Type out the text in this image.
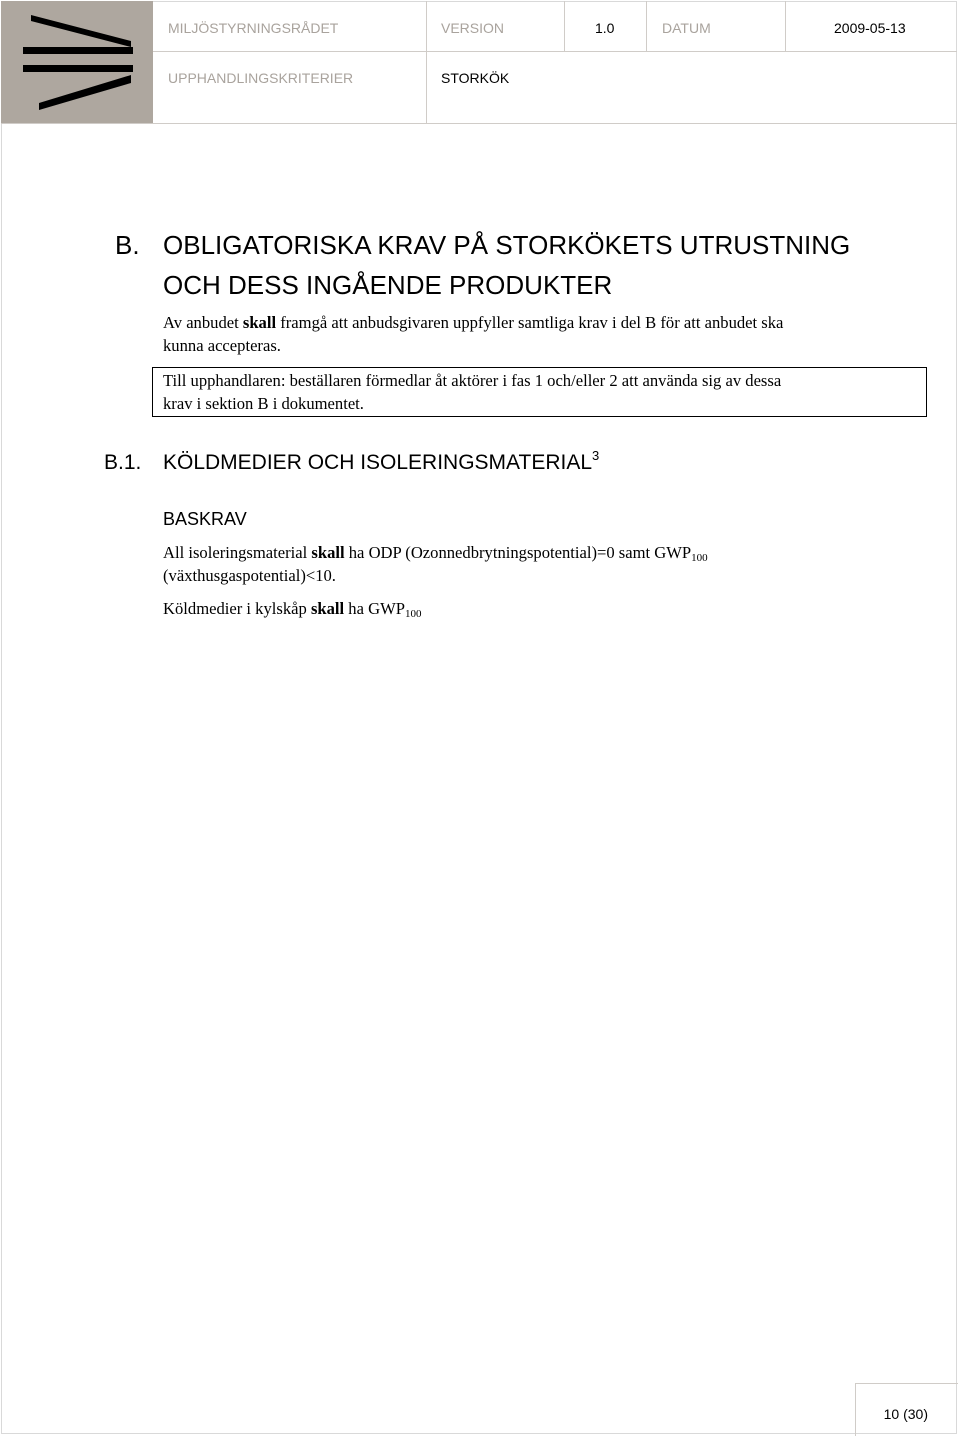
MILJÖSTYRNINGSRÅDET	VERSION	1.0	DATUM	2009-05-13
UPPHANDLINGSKRITERIER	STORKÖK
B. OBLIGATORISKA KRAV PÅ STORKÖKETS UTRUSTNING
OCH DESS INGÅENDE PRODUKTER
Av anbudet skall framgå att anbudsgivaren uppfyller samtliga krav i del B för att anbudet ska
kunna accepteras.
Till upphandlaren: beställaren förmedlar åt aktörer i fas 1 och/eller 2 att använda sig av dessa
krav i sektion B i dokumentet.
B.1. KÖLDMEDIER OCH ISOLERINGSMATERIAL$^3$
BASKRAV
All isoleringsmaterial skall ha ODP (Ozonnedbrytningspotential)=0 samt $GWP_{100}$
(växthusgaspotential)<10.
Köldmedier i kylskåp skall ha $GWP_{100}$
10 (30)
